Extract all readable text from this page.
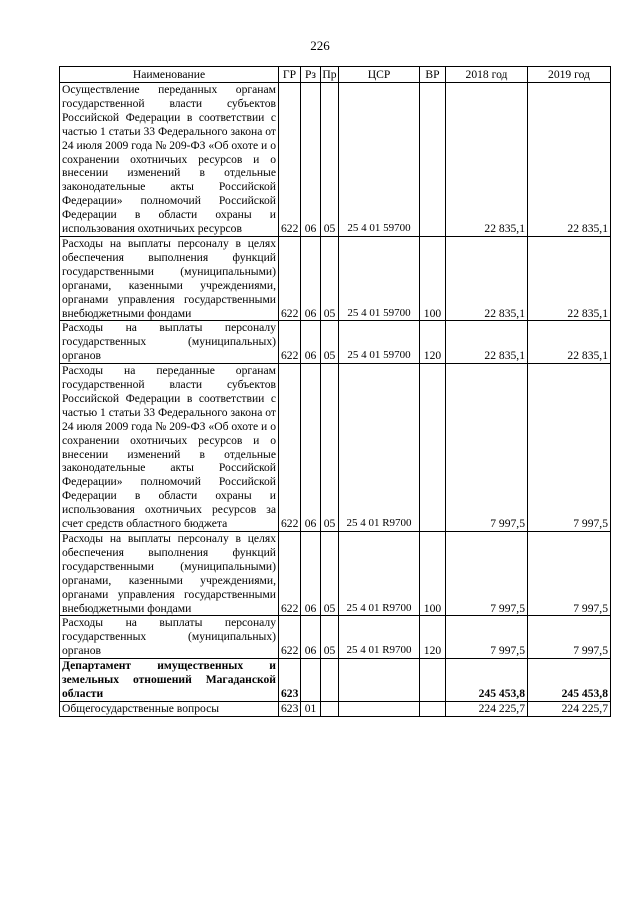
226
Наименование	ГР	Рз	Пр	ЦСР	ВР	2018 год	2019 год
Осуществление переданных органам государственной власти субъектов Российской Федерации в соответствии с частью 1 статьи 33 Федерального закона от 24 июля 2009 года № 209-ФЗ «Об охоте и о сохранении охотничьих ресурсов и о внесении изменений в отдельные законодательные акты Российской Федерации» полномочий Российской Федерации в области охраны и использования охотничьих ресурсов	622	06	05	25 4 01 59700		22 835,1	22 835,1
Расходы на выплаты персоналу в целях обеспечения выполнения функций государственными (муниципальными) органами, казенными учреждениями, органами управления государственными внебюджетными фондами	622	06	05	25 4 01 59700	100	22 835,1	22 835,1
Расходы на выплаты персоналу государственных (муниципальных) органов	622	06	05	25 4 01 59700	120	22 835,1	22 835,1
Расходы на переданные органам государственной власти субъектов Российской Федерации в соответствии с частью 1 статьи 33 Федерального закона от 24 июля 2009 года № 209-ФЗ «Об охоте и о сохранении охотничьих ресурсов и о внесении изменений в отдельные законодательные акты Российской Федерации» полномочий Российской Федерации в области охраны и использования охотничьих ресурсов за счет средств областного бюджета	622	06	05	25 4 01 R9700		7 997,5	7 997,5
Расходы на выплаты персоналу в целях обеспечения выполнения функций государственными (муниципальными) органами, казенными учреждениями, органами управления государственными внебюджетными фондами	622	06	05	25 4 01 R9700	100	7 997,5	7 997,5
Расходы на выплаты персоналу государственных (муниципальных) органов	622	06	05	25 4 01 R9700	120	7 997,5	7 997,5
Департамент имущественных и земельных отношений Магаданской области	623					245 453,8	245 453,8
Общегосударственные вопросы	623	01				224 225,7	224 225,7
